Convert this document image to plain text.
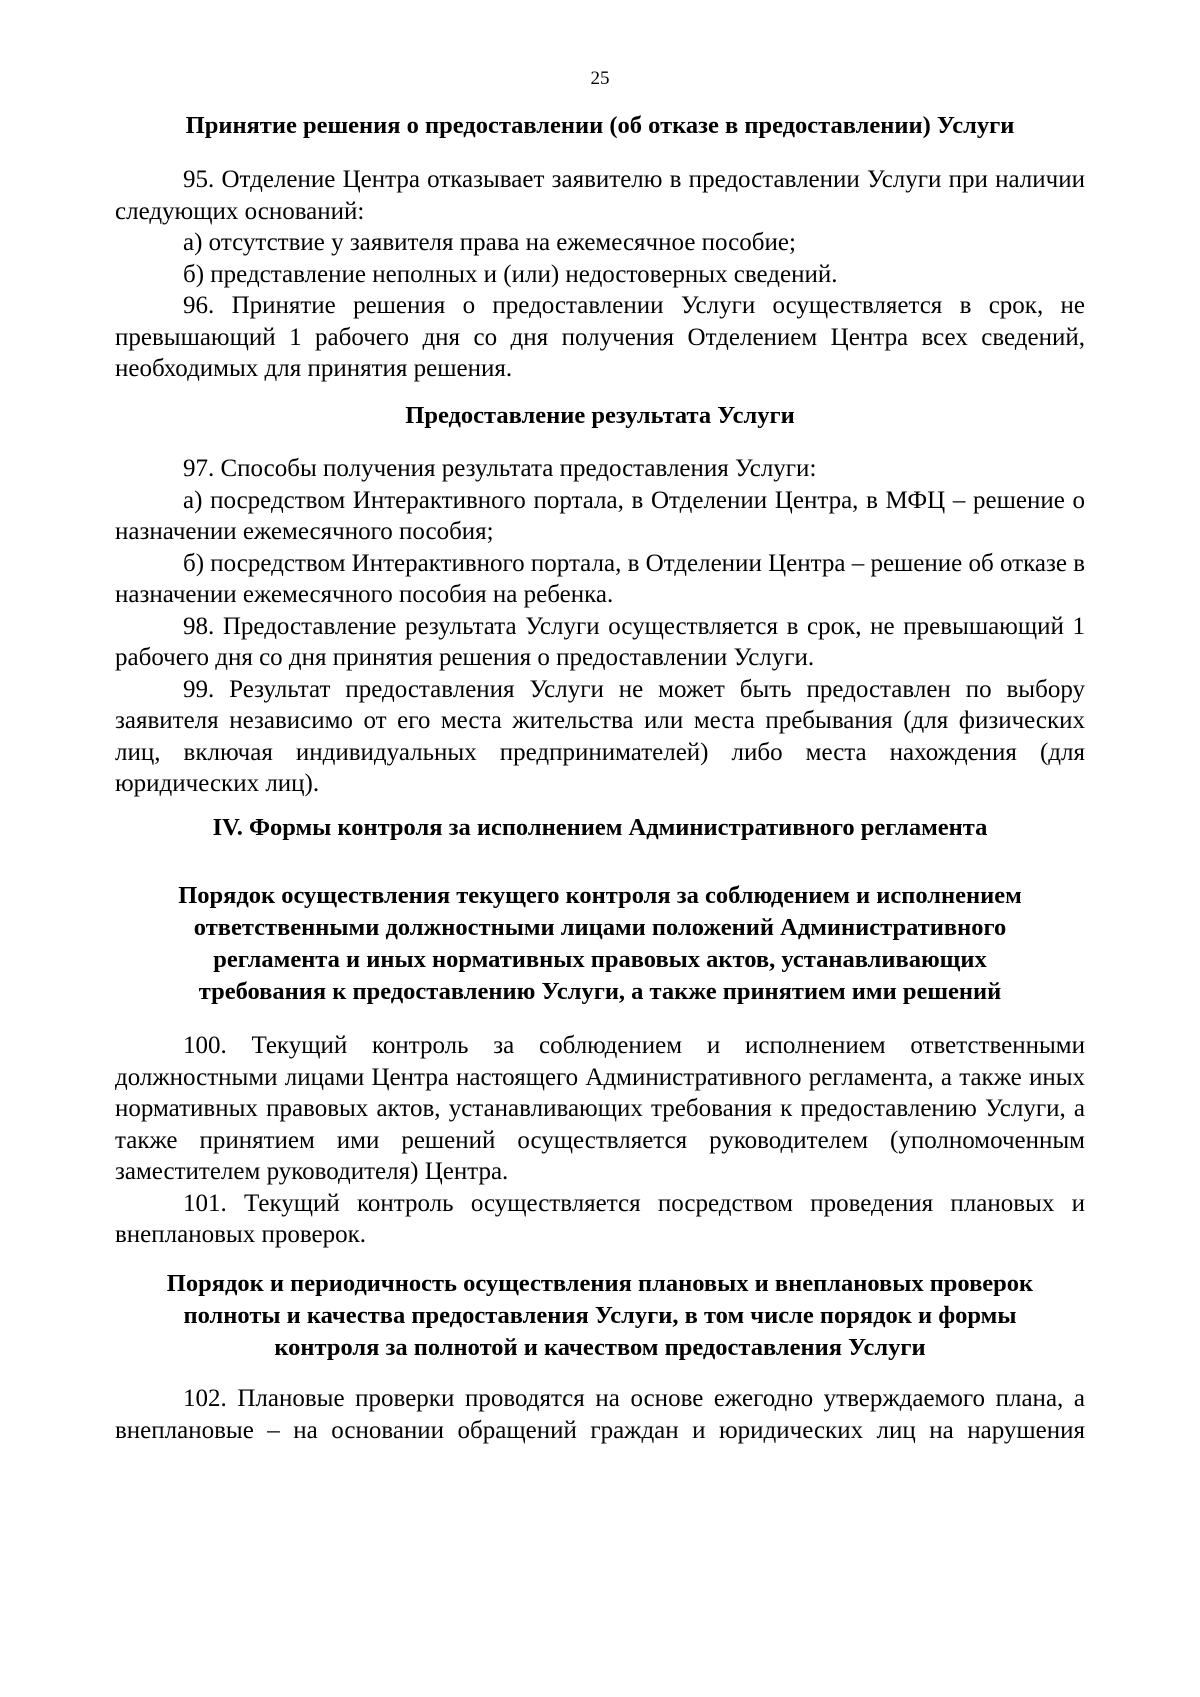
25
Принятие решения о предоставлении (об отказе в предоставлении) Услуги

95. Отделение Центра отказывает заявителю в предоставлении Услуги при наличии следующих оснований:

а) отсутствие у заявителя права на ежемесячное пособие;

б) представление неполных и (или) недостоверных сведений.

96. Принятие решения о предоставлении Услуги осуществляется в срок, не превышающий 1 рабочего дня со дня получения Отделением Центра всех сведений, необходимых для принятия решения.

Предоставление результата Услуги

97. Способы получения результата предоставления Услуги:

а) посредством Интерактивного портала, в Отделении Центра, в МФЦ – решение о назначении ежемесячного пособия;

б) посредством Интерактивного портала, в Отделении Центра – решение об отказе в назначении ежемесячного пособия на ребенка.

98. Предоставление результата Услуги осуществляется в срок, не превышающий 1 рабочего дня со дня принятия решения о предоставлении Услуги.

99. Результат предоставления Услуги не может быть предоставлен по выбору заявителя независимо от его места жительства или места пребывания (для физических лиц, включая индивидуальных предпринимателей) либо места нахождения (для юридических лиц).

IV. Формы контроля за исполнением Административного регламента
Порядок осуществления текущего контроля за соблюдением и исполнением
ответственными должностными лицами положений Административного
регламента и иных нормативных правовых актов, устанавливающих
требования к предоставлению Услуги, а также принятием ими решений

100. Текущий контроль за соблюдением и исполнением ответственными должностными лицами Центра настоящего Административного регламента, а также иных нормативных правовых актов, устанавливающих требования к предоставлению Услуги, а также принятием ими решений осуществляется руководителем (уполномоченным заместителем руководителя) Центра.

101. Текущий контроль осуществляется посредством проведения плановых и внеплановых проверок.

Порядок и периодичность осуществления плановых и внеплановых проверок
полноты и качества предоставления Услуги, в том числе порядок и формы
контроля за полнотой и качеством предоставления Услуги

102. Плановые проверки проводятся на основе ежегодно утверждаемого плана, а внеплановые – на основании обращений граждан и юридических лиц на нарушения
